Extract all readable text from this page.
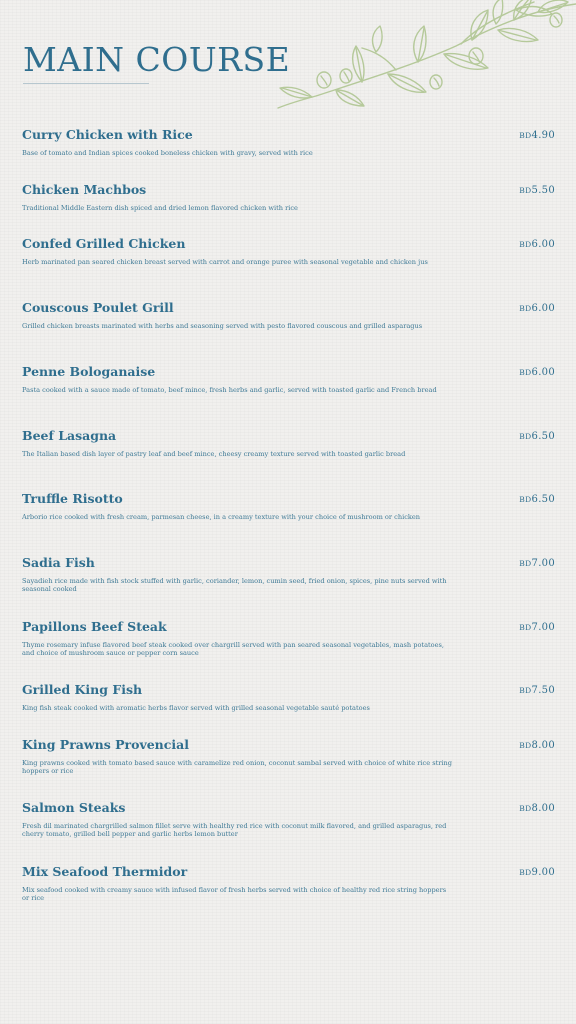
MAIN COURSE
Curry Chicken with Rice	BD4.90

Base of tomato and Indian spices cooked boneless chicken with gravy, served with rice

Chicken Machbos	BD5.50

Traditional Middle Eastern dish spiced and dried lemon flavored chicken with rice

Confed Grilled Chicken	BD6.00

Herb marinated pan seared chicken breast served with carrot and orange puree with seasonal vegetable and chicken jus

Couscous Poulet Grill	BD6.00

Grilled chicken breasts marinated with herbs and seasoning served with pesto flavored couscous and grilled asparagus

Penne Bologanaise	BD6.00

Pasta cooked with a sauce made of tomato, beef mince, fresh herbs and garlic, served with toasted garlic and French bread

Beef Lasagna	BD6.50

The Italian based dish layer of pastry leaf and beef mince, cheesy creamy texture served with toasted garlic bread

Truffle Risotto	BD6.50

Arborio rice cooked with fresh cream, parmesan cheese, in a creamy texture with your choice of mushroom or chicken

Sadia Fish	BD7.00

Sayadieh rice made with fish stock stuffed with garlic, coriander, lemon, cumin seed, fried onion, spices, pine nuts served with seasonal cooked

Papillons Beef Steak	BD7.00

Thyme rosemary infuse flavored beef steak cooked over chargrill served with pan seared seasonal vegetables, mash potatoes, and choice of mushroom sauce or pepper corn sauce

Grilled King Fish	BD7.50

King fish steak cooked with aromatic herbs flavor served with grilled seasonal vegetable sauté potatoes

King Prawns Provencial	BD8.00

King prawns cooked with tomato based sauce with caramelize red onion, coconut sambal served with choice of white rice string hoppers or rice

Salmon Steaks	BD8.00

Fresh dil marinated chargrilled salmon fillet serve with healthy red rice with coconut milk flavored, and grilled asparagus, red cherry tomato, grilled bell pepper and garlic herbs lemon butter

Mix Seafood Thermidor	BD9.00

Mix seafood cooked with creamy sauce with infused flavor of fresh herbs served with choice of healthy red rice string hoppers or rice
